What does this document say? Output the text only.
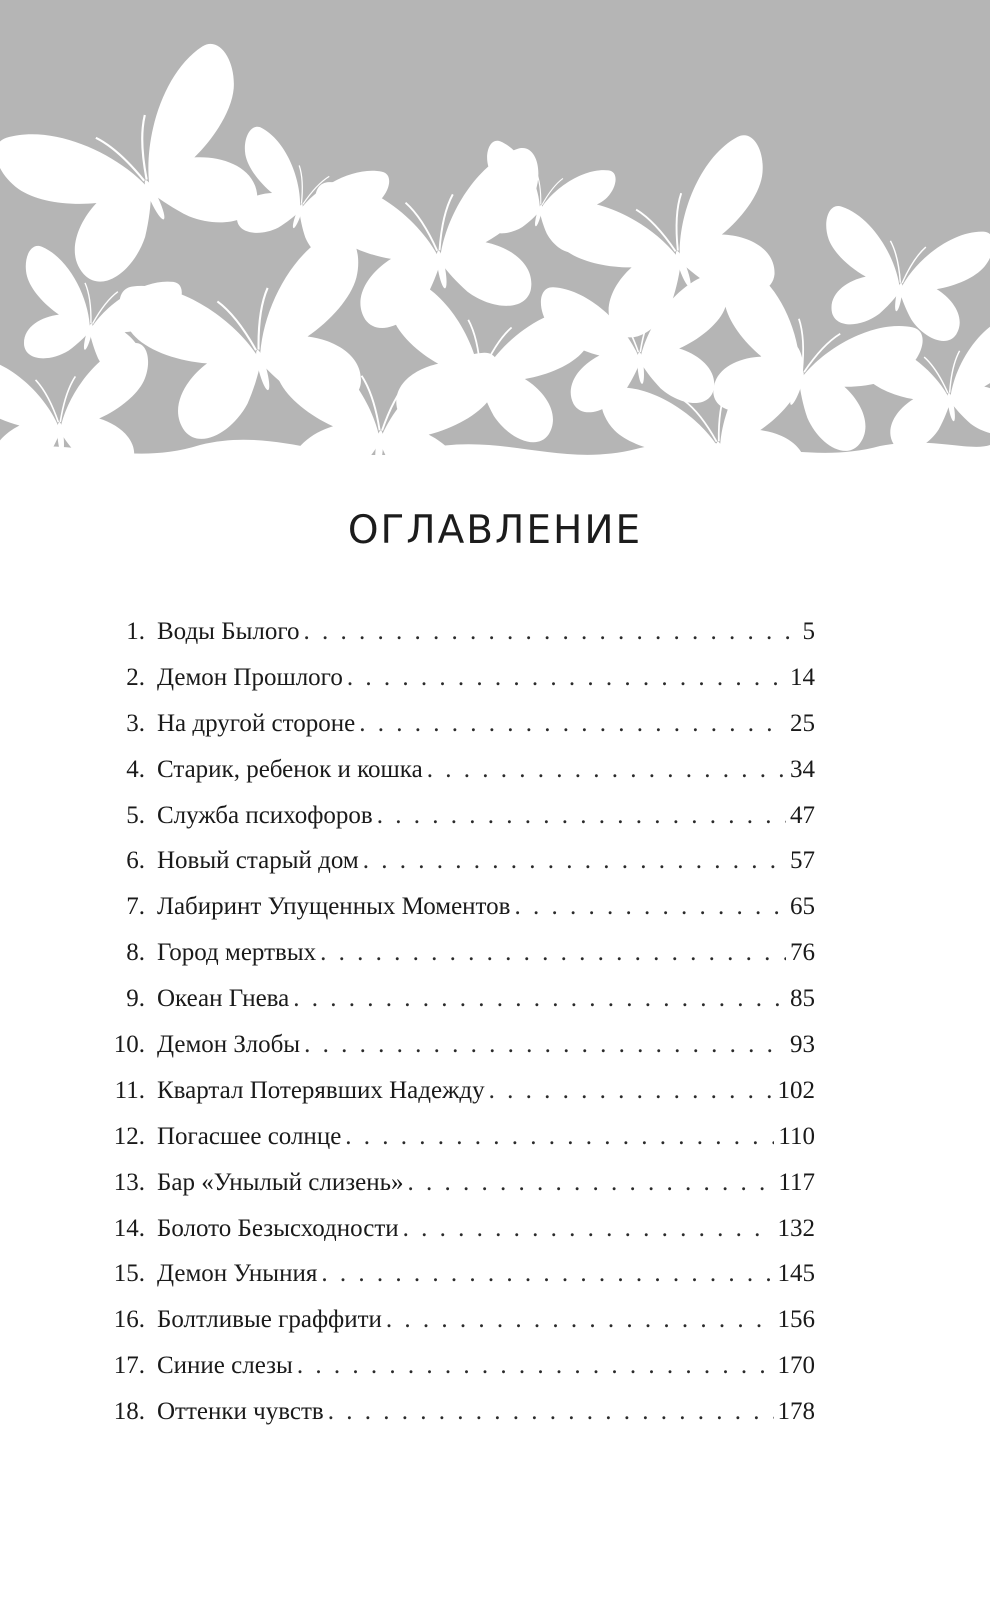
ОГЛАВЛЕНИЕ
1. Воды Былого . . .	5
2. Демон Прошлого . . .	14
3. На другой стороне . . .	25
4. Старик, ребенок и кошка . . .	34
5. Служба психофоров . . .	47
6. Новый старый дом . . .	57
7. Лабиринт Упущенных Моментов . . .	65
8. Город мертвых . . .	76
9. Океан Гнева . . .	85
10. Демон Злобы . . .	93
11. Квартал Потерявших Надежду . . .	102
12. Погасшее солнце . . .	110
13. Бар «Унылый слизень» . . .	117
14. Болото Безысходности . . .	132
15. Демон Уныния . . .	145
16. Болтливые граффити . . .	156
17. Синие слезы . . .	170
18. Оттенки чувств . . .	178
